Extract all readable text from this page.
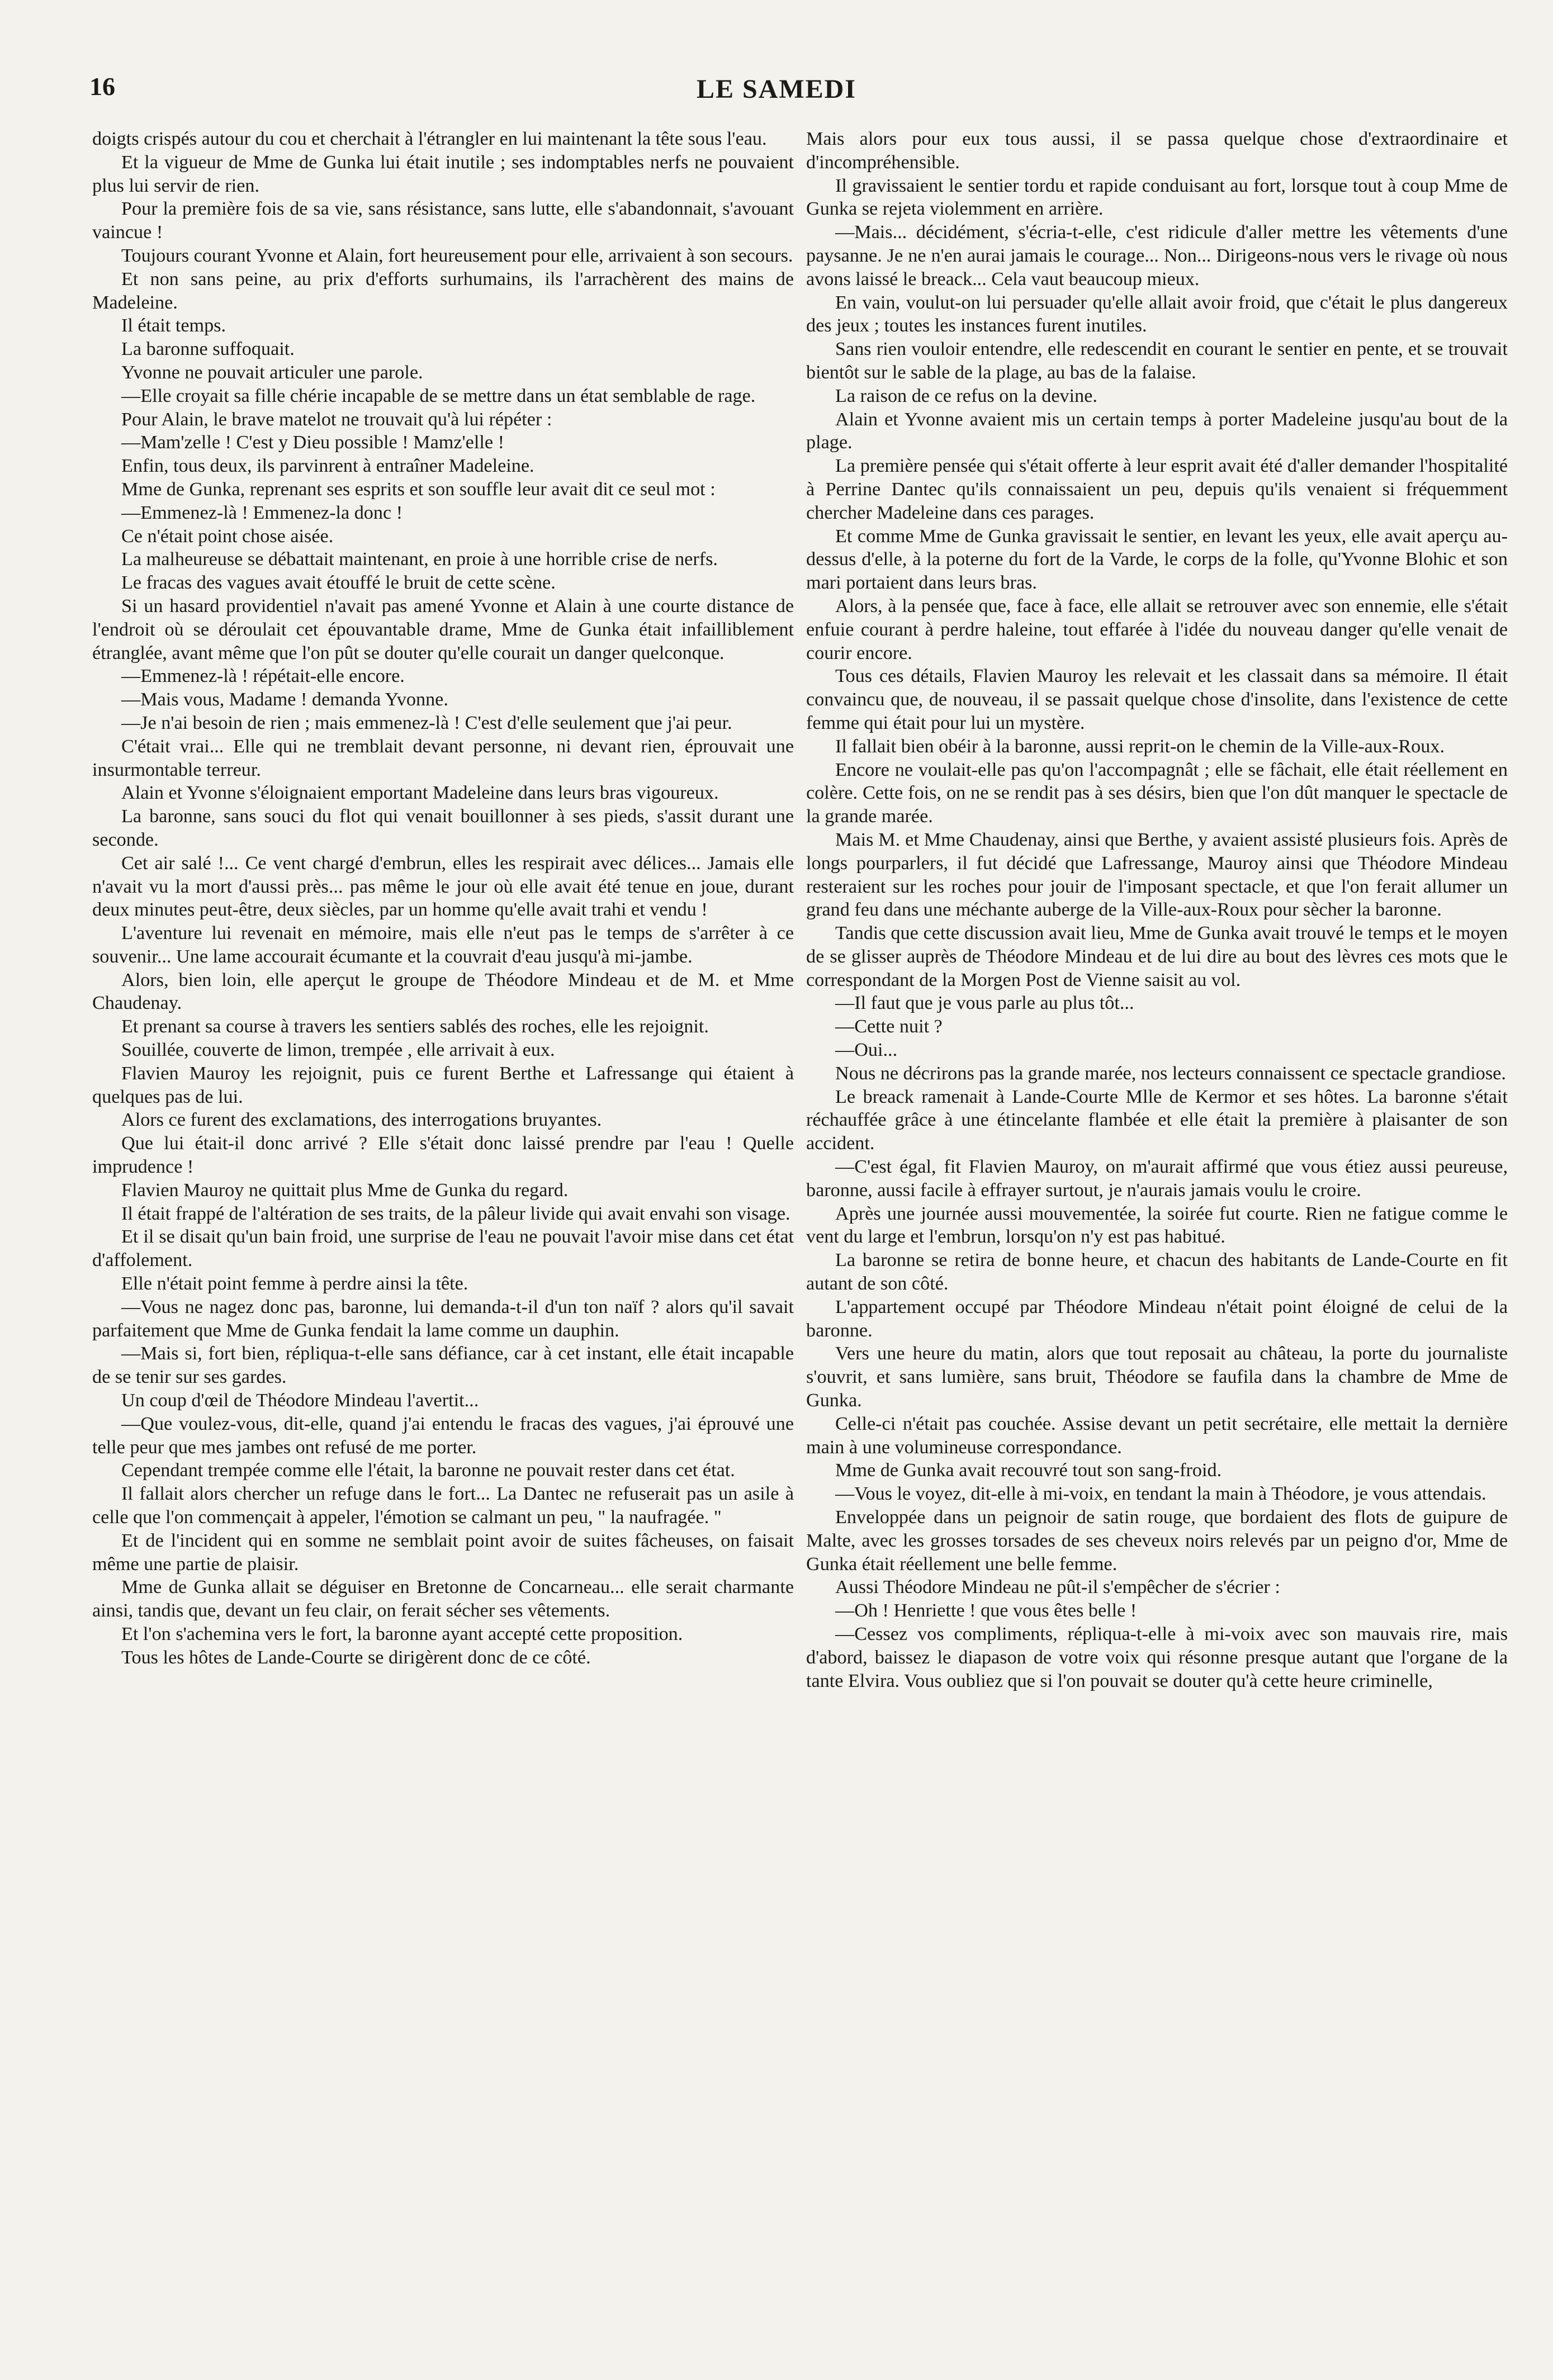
16	LE SAMEDI

doigts crispés autour du cou et cherchait à l'étrangler en lui maintenant la tête sous l'eau.

Et la vigueur de Mme de Gunka lui était inutile ; ses indomptables nerfs ne pouvaient plus lui servir de rien.

Pour la première fois de sa vie, sans résistance, sans lutte, elle s'abandonnait, s'avouant vaincue !

Toujours courant Yvonne et Alain, fort heureusement pour elle, arrivaient à son secours.

Et non sans peine, au prix d'efforts surhumains, ils l'arrachèrent des mains de Madeleine.

Il était temps.

La baronne suffoquait.

Yvonne ne pouvait articuler une parole.

—Elle croyait sa fille chérie incapable de se mettre dans un état semblable de rage.

Pour Alain, le brave matelot ne trouvait qu'à lui répéter :

—Mam'zelle ! C'est y Dieu possible ! Mamz'elle !

Enfin, tous deux, ils parvinrent à entraîner Madeleine.

Mme de Gunka, reprenant ses esprits et son souffle leur avait dit ce seul mot :

—Emmenez-là ! Emmenez-la donc !

Ce n'était point chose aisée.

La malheureuse se débattait maintenant, en proie à une horrible crise de nerfs.

Le fracas des vagues avait étouffé le bruit de cette scène.

Si un hasard providentiel n'avait pas amené Yvonne et Alain à une courte distance de l'endroit où se déroulait cet épouvantable drame, Mme de Gunka était infailliblement étranglée, avant même que l'on pût se douter qu'elle courait un danger quelconque.

—Emmenez-là ! répétait-elle encore.

—Mais vous, Madame ! demanda Yvonne.

—Je n'ai besoin de rien ; mais emmenez-là ! C'est d'elle seulement que j'ai peur.

C'était vrai... Elle qui ne tremblait devant personne, ni devant rien, éprouvait une insurmontable terreur.

Alain et Yvonne s'éloignaient emportant Madeleine dans leurs bras vigoureux.

La baronne, sans souci du flot qui venait bouillonner à ses pieds, s'assit durant une seconde.

Cet air salé !... Ce vent chargé d'embrun, elles les respirait avec délices... Jamais elle n'avait vu la mort d'aussi près... pas même le jour où elle avait été tenue en joue, durant deux minutes peut-être, deux siècles, par un homme qu'elle avait trahi et vendu !

L'aventure lui revenait en mémoire, mais elle n'eut pas le temps de s'arrêter à ce souvenir... Une lame accourait écumante et la couvrait d'eau jusqu'à mi-jambe.

Alors, bien loin, elle aperçut le groupe de Théodore Mindeau et de M. et Mme Chaudenay.

Et prenant sa course à travers les sentiers sablés des roches, elle les rejoignit.

Souillée, couverte de limon, trempée , elle arrivait à eux.

Flavien Mauroy les rejoignit, puis ce furent Berthe et Lafressange qui étaient à quelques pas de lui.

Alors ce furent des exclamations, des interrogations bruyantes.

Que lui était-il donc arrivé ? Elle s'était donc laissé prendre par l'eau ! Quelle imprudence !

Flavien Mauroy ne quittait plus Mme de Gunka du regard.

Il était frappé de l'altération de ses traits, de la pâleur livide qui avait envahi son visage.

Et il se disait qu'un bain froid, une surprise de l'eau ne pouvait l'avoir mise dans cet état d'affolement.

Elle n'était point femme à perdre ainsi la tête.

—Vous ne nagez donc pas, baronne, lui demanda-t-il d'un ton naïf ? alors qu'il savait parfaitement que Mme de Gunka fendait la lame comme un dauphin.

—Mais si, fort bien, répliqua-t-elle sans défiance, car à cet instant, elle était incapable de se tenir sur ses gardes.

Un coup d'œil de Théodore Mindeau l'avertit...

—Que voulez-vous, dit-elle, quand j'ai entendu le fracas des vagues, j'ai éprouvé une telle peur que mes jambes ont refusé de me porter.

Cependant trempée comme elle l'était, la baronne ne pouvait rester dans cet état.

Il fallait alors chercher un refuge dans le fort... La Dantec ne refuserait pas un asile à celle que l'on commençait à appeler, l'émotion se calmant un peu, " la naufragée. "

Et de l'incident qui en somme ne semblait point avoir de suites fâcheuses, on faisait même une partie de plaisir.

Mme de Gunka allait se déguiser en Bretonne de Concarneau... elle serait charmante ainsi, tandis que, devant un feu clair, on ferait sécher ses vêtements.

Et l'on s'achemina vers le fort, la baronne ayant accepté cette proposition.

Tous les hôtes de Lande-Courte se dirigèrent donc de ce côté.

Mais alors pour eux tous aussi, il se passa quelque chose d'extraordinaire et d'incompréhensible.

Il gravissaient le sentier tordu et rapide conduisant au fort, lorsque tout à coup Mme de Gunka se rejeta violemment en arrière.

—Mais... décidément, s'écria-t-elle, c'est ridicule d'aller mettre les vêtements d'une paysanne. Je ne n'en aurai jamais le courage... Non... Dirigeons-nous vers le rivage où nous avons laissé le breack... Cela vaut beaucoup mieux.

En vain, voulut-on lui persuader qu'elle allait avoir froid, que c'était le plus dangereux des jeux ; toutes les instances furent inutiles.

Sans rien vouloir entendre, elle redescendit en courant le sentier en pente, et se trouvait bientôt sur le sable de la plage, au bas de la falaise.

La raison de ce refus on la devine.

Alain et Yvonne avaient mis un certain temps à porter Madeleine jusqu'au bout de la plage.

La première pensée qui s'était offerte à leur esprit avait été d'aller demander l'hospitalité à Perrine Dantec qu'ils connaissaient un peu, depuis qu'ils venaient si fréquemment chercher Madeleine dans ces parages.

Et comme Mme de Gunka gravissait le sentier, en levant les yeux, elle avait aperçu au-dessus d'elle, à la poterne du fort de la Varde, le corps de la folle, qu'Yvonne Blohic et son mari portaient dans leurs bras.

Alors, à la pensée que, face à face, elle allait se retrouver avec son ennemie, elle s'était enfuie courant à perdre haleine, tout effarée à l'idée du nouveau danger qu'elle venait de courir encore.

Tous ces détails, Flavien Mauroy les relevait et les classait dans sa mémoire. Il était convaincu que, de nouveau, il se passait quelque chose d'insolite, dans l'existence de cette femme qui était pour lui un mystère.

Il fallait bien obéir à la baronne, aussi reprit-on le chemin de la Ville-aux-Roux.

Encore ne voulait-elle pas qu'on l'accompagnât ; elle se fâchait, elle était réellement en colère. Cette fois, on ne se rendit pas à ses désirs, bien que l'on dût manquer le spectacle de la grande marée.

Mais M. et Mme Chaudenay, ainsi que Berthe, y avaient assisté plusieurs fois. Après de longs pourparlers, il fut décidé que Lafressange, Mauroy ainsi que Théodore Mindeau resteraient sur les roches pour jouir de l'imposant spectacle, et que l'on ferait allumer un grand feu dans une méchante auberge de la Ville-aux-Roux pour sècher la baronne.

Tandis que cette discussion avait lieu, Mme de Gunka avait trouvé le temps et le moyen de se glisser auprès de Théodore Mindeau et de lui dire au bout des lèvres ces mots que le correspondant de la Morgen Post de Vienne saisit au vol.

—Il faut que je vous parle au plus tôt...

—Cette nuit ?

—Oui...

Nous ne décrirons pas la grande marée, nos lecteurs connaissent ce spectacle grandiose.

Le breack ramenait à Lande-Courte Mlle de Kermor et ses hôtes. La baronne s'était réchauffée grâce à une étincelante flambée et elle était la première à plaisanter de son accident.

—C'est égal, fit Flavien Mauroy, on m'aurait affirmé que vous étiez aussi peureuse, baronne, aussi facile à effrayer surtout, je n'aurais jamais voulu le croire.

Après une journée aussi mouvementée, la soirée fut courte. Rien ne fatigue comme le vent du large et l'embrun, lorsqu'on n'y est pas habitué.

La baronne se retira de bonne heure, et chacun des habitants de Lande-Courte en fit autant de son côté.

L'appartement occupé par Théodore Mindeau n'était point éloigné de celui de la baronne.

Vers une heure du matin, alors que tout reposait au château, la porte du journaliste s'ouvrit, et sans lumière, sans bruit, Théodore se faufila dans la chambre de Mme de Gunka.

Celle-ci n'était pas couchée. Assise devant un petit secrétaire, elle mettait la dernière main à une volumineuse correspondance.

Mme de Gunka avait recouvré tout son sang-froid.

—Vous le voyez, dit-elle à mi-voix, en tendant la main à Théodore, je vous attendais.

Enveloppée dans un peignoir de satin rouge, que bordaient des flots de guipure de Malte, avec les grosses torsades de ses cheveux noirs relevés par un peigno d'or, Mme de Gunka était réellement une belle femme.

Aussi Théodore Mindeau ne pût-il s'empêcher de s'écrier :

—Oh ! Henriette ! que vous êtes belle !

—Cessez vos compliments, répliqua-t-elle à mi-voix avec son mauvais rire, mais d'abord, baissez le diapason de votre voix qui résonne presque autant que l'organe de la tante Elvira. Vous oubliez que si l'on pouvait se douter qu'à cette heure criminelle,
